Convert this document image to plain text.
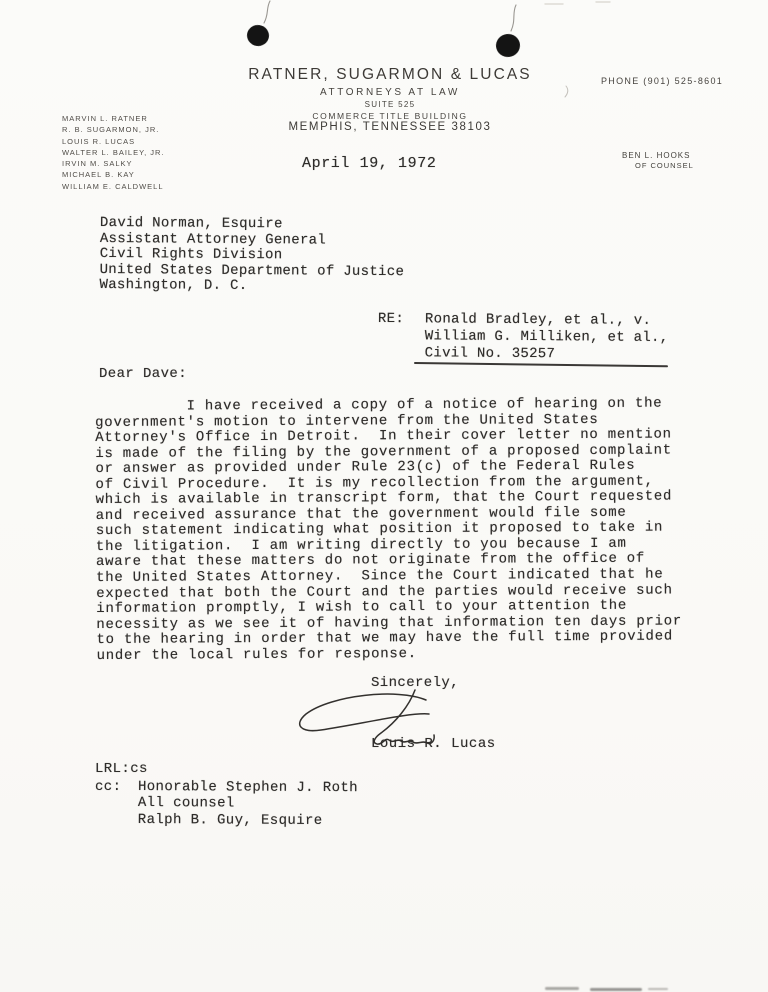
RATNER, SUGARMON & LUCAS
ATTORNEYS AT LAW
SUITE 525
COMMERCE TITLE BUILDING
MEMPHIS, TENNESSEE 38103
PHONE (901) 525-8601
MARVIN L. RATNER
R. B. SUGARMON, JR.
LOUIS R. LUCAS
WALTER L. BAILEY, JR.
IRVIN M. SALKY
MICHAEL B. KAY
WILLIAM E. CALDWELL
BEN L. HOOKS
OF COUNSEL
April 19, 1972
David Norman, Esquire
Assistant Attorney General
Civil Rights Division
United States Department of Justice
Washington, D. C.
RE: Ronald Bradley, et al., v.
William G. Milliken, et al.,
Civil No. 35257
Dear Dave:
I have received a copy of a notice of hearing on the
government's motion to intervene from the United States
Attorney's Office in Detroit.  In their cover letter no mention
is made of the filing by the government of a proposed complaint
or answer as provided under Rule 23(c) of the Federal Rules
of Civil Procedure.  It is my recollection from the argument,
which is available in transcript form, that the Court requested
and received assurance that the government would file some
such statement indicating what position it proposed to take in
the litigation.  I am writing directly to you because I am
aware that these matters do not originate from the office of
the United States Attorney.  Since the Court indicated that he
expected that both the Court and the parties would receive such
information promptly, I wish to call to your attention the
necessity as we see it of having that information ten days prior
to the hearing in order that we may have the full time provided
under the local rules for response.
Sincerely,
Louis R. Lucas
LRL:cs
cc: Honorable Stephen J. Roth
All counsel
Ralph B. Guy, Esquire
